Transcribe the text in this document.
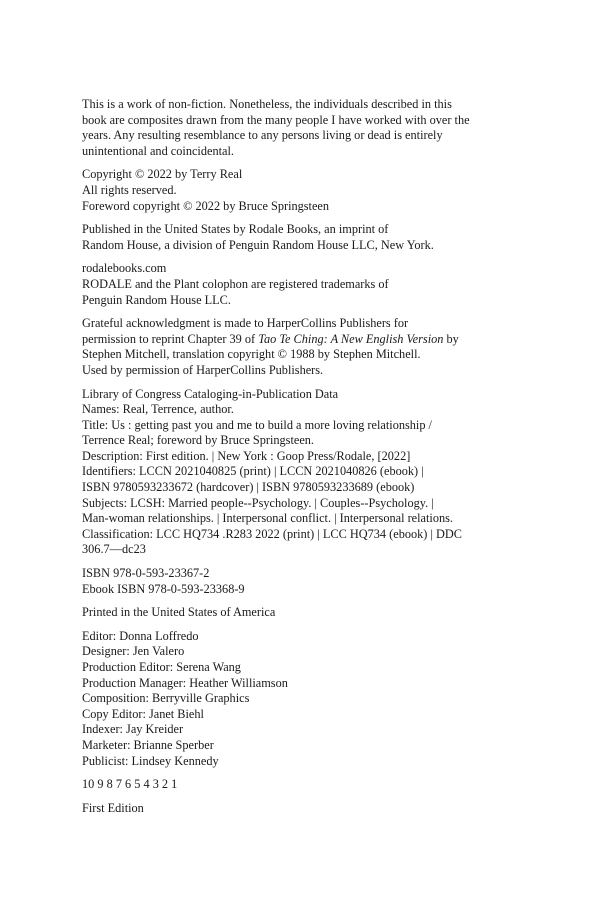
This is a work of non-fiction. Nonetheless, the individuals described in this
book are composites drawn from the many people I have worked with over the
years. Any resulting resemblance to any persons living or dead is entirely
unintentional and coincidental.
Copyright © 2022 by Terry Real
All rights reserved.
Foreword copyright © 2022 by Bruce Springsteen
Published in the United States by Rodale Books, an imprint of
Random House, a division of Penguin Random House LLC, New York.
rodalebooks.com
RODALE and the Plant colophon are registered trademarks of
Penguin Random House LLC.
Grateful acknowledgment is made to HarperCollins Publishers for
permission to reprint Chapter 39 of Tao Te Ching: A New English Version by
Stephen Mitchell, translation copyright © 1988 by Stephen Mitchell.
Used by permission of HarperCollins Publishers.
Library of Congress Cataloging-in-Publication Data
Names: Real, Terrence, author.
Title: Us : getting past you and me to build a more loving relationship /
Terrence Real; foreword by Bruce Springsteen.
Description: First edition. | New York : Goop Press/Rodale, [2022]
Identifiers: LCCN 2021040825 (print) | LCCN 2021040826 (ebook) |
ISBN 9780593233672 (hardcover) | ISBN 9780593233689 (ebook)
Subjects: LCSH: Married people--Psychology. | Couples--Psychology. |
Man-woman relationships. | Interpersonal conflict. | Interpersonal relations.
Classification: LCC HQ734 .R283 2022 (print) | LCC HQ734 (ebook) | DDC
306.7—dc23
ISBN 978-0-593-23367-2
Ebook ISBN 978-0-593-23368-9
Printed in the United States of America
Editor: Donna Loffredo
Designer: Jen Valero
Production Editor: Serena Wang
Production Manager: Heather Williamson
Composition: Berryville Graphics
Copy Editor: Janet Biehl
Indexer: Jay Kreider
Marketer: Brianne Sperber
Publicist: Lindsey Kennedy
10 9 8 7 6 5 4 3 2 1
First Edition
